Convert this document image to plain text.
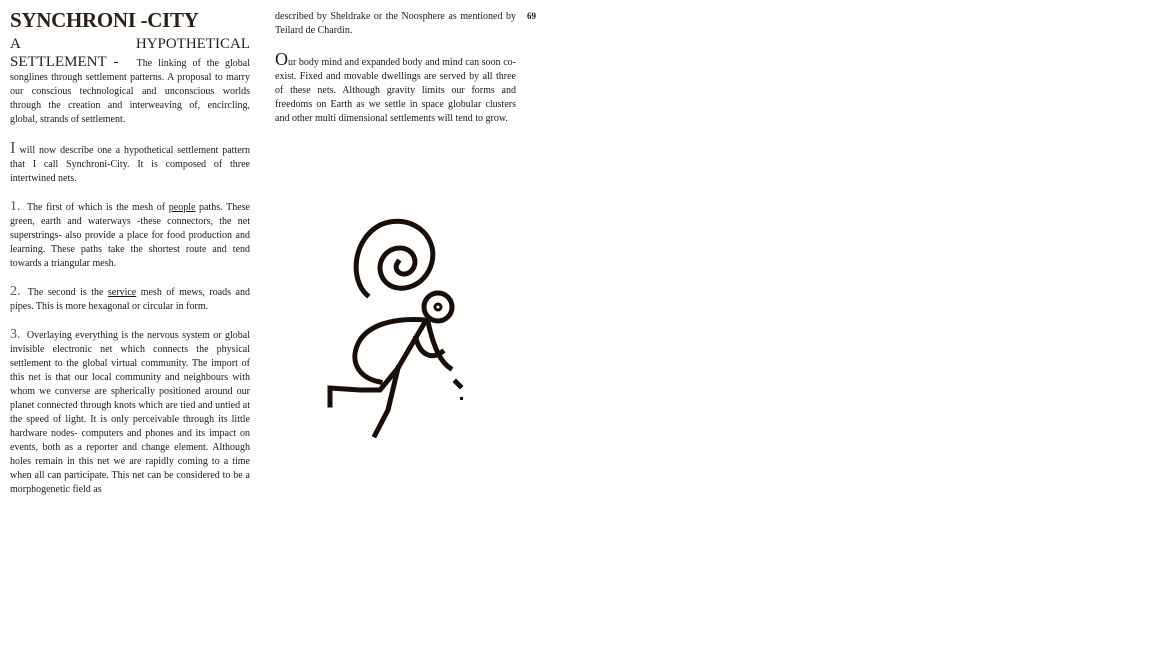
SYNCHRONI -CITY
A	HYPOTHETICAL

SETTLEMENT - The linking of the global songlines through settlement patterns. A proposal to marry our conscious technological and unconscious worlds through the creation and interweaving of, encircling, global, strands of settlement.

I will now describe one a hypothetical settlement pattern that I call Synchroni-City. It is composed of three intertwined nets.

1. The first of which is the mesh of people paths. These green, earth and waterways -these connectors, the net superstrings- also provide a place for food production and learning. These paths take the shortest route and tend towards a triangular mesh.

2. The second is the service mesh of mews, roads and pipes. This is more hexagonal or circular in form.

3. Overlaying everything is the nervous system or global invisible electronic net which connects the physical settlement to the global virtual community. The import of this net is that our local community and neighbours with whom we converse are spherically positioned around our planet connected through knots which are tied and untied at the speed of light. It is only perceivable through its little hardware nodes- computers and phones and its impact on events, both as a reporter and change element. Although holes remain in this net we are rapidly coming to a time when all can participate. This net can be considered to be a morphogenetic field as

described by Sheldrake or the Noosphere as mentioned by Teilard de Chardin.

Our body mind and expanded body and mind can soon co-exist. Fixed and movable dwellings are served by all three of these nets. Although gravity limits our forms and freedoms on Earth as we settle in space globular clusters and other multi dimensional settlements will tend to grow.

69
